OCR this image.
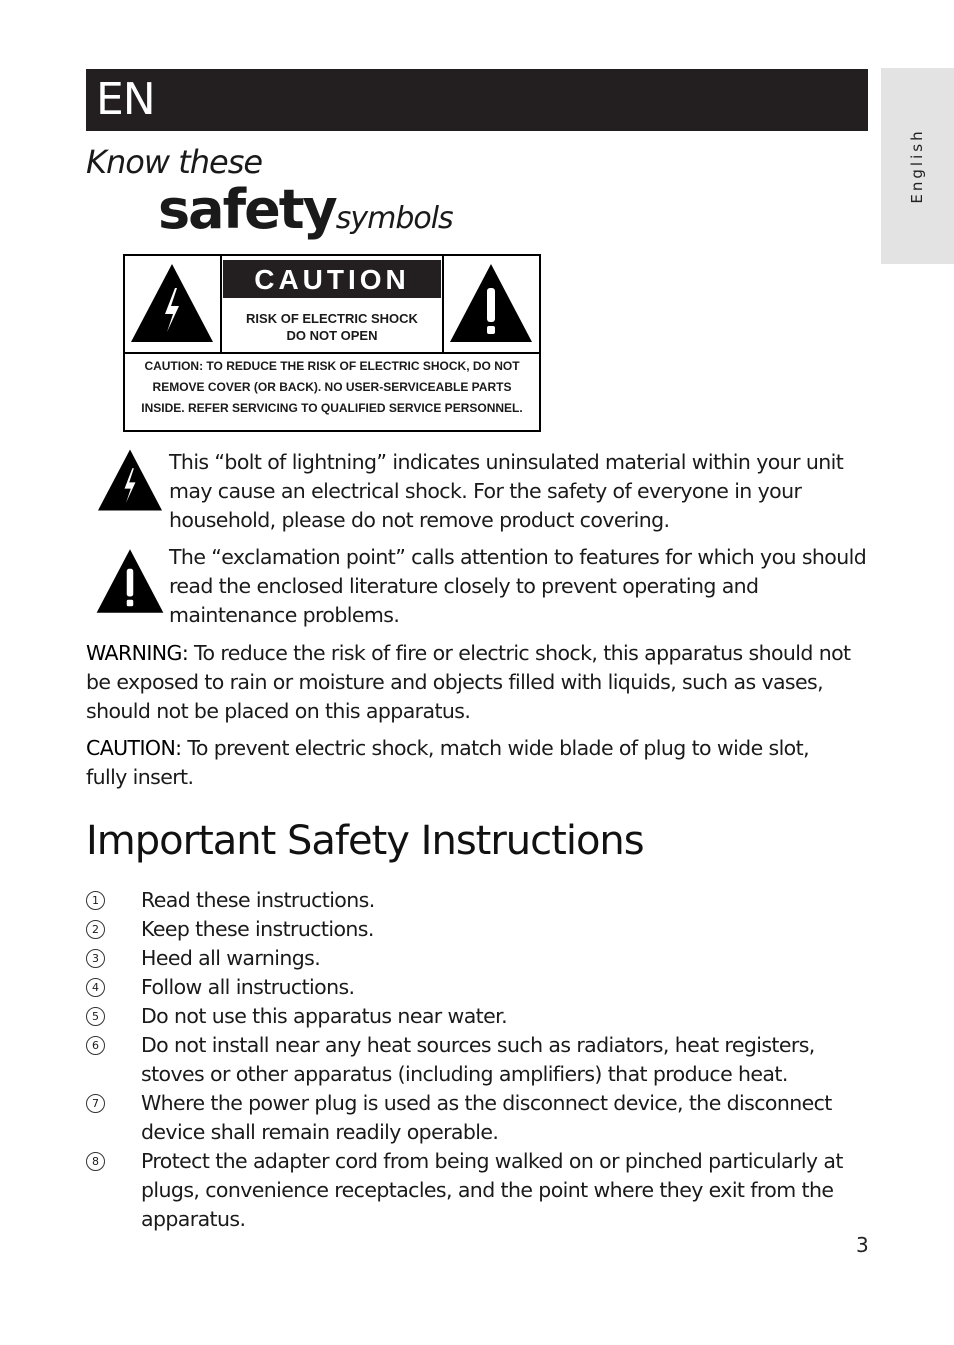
EN
English
Know these
safetysymbols
CAUTION
RISK OF ELECTRIC SHOCK
DO NOT OPEN
CAUTION: TO REDUCE THE RISK OF ELECTRIC SHOCK, DO NOT
REMOVE COVER (OR BACK). NO USER-SERVICEABLE PARTS
INSIDE. REFER SERVICING TO QUALIFIED SERVICE PERSONNEL.
This “bolt of lightning” indicates uninsulated material within your unit may cause an electrical shock. For the safety of everyone in your household, please do not remove product covering.
The “exclamation point” calls attention to features for which you should read the enclosed literature closely to prevent operating and maintenance problems.
WARNING: To reduce the risk of fire or electric shock, this apparatus should not be exposed to rain or moisture and objects filled with liquids, such as vases, should not be placed on this apparatus.
CAUTION: To prevent electric shock, match wide blade of plug to wide slot, fully insert.
Important Safety Instructions
1 Read these instructions.
2 Keep these instructions.
3 Heed all warnings.
4 Follow all instructions.
5 Do not use this apparatus near water.
6 Do not install near any heat sources such as radiators, heat registers, stoves or other apparatus (including amplifiers) that produce heat.
7 Where the power plug is used as the disconnect device, the disconnect device shall remain readily operable.
8 Protect the adapter cord from being walked on or pinched particularly at plugs, convenience receptacles, and the point where they exit from the apparatus.
3
